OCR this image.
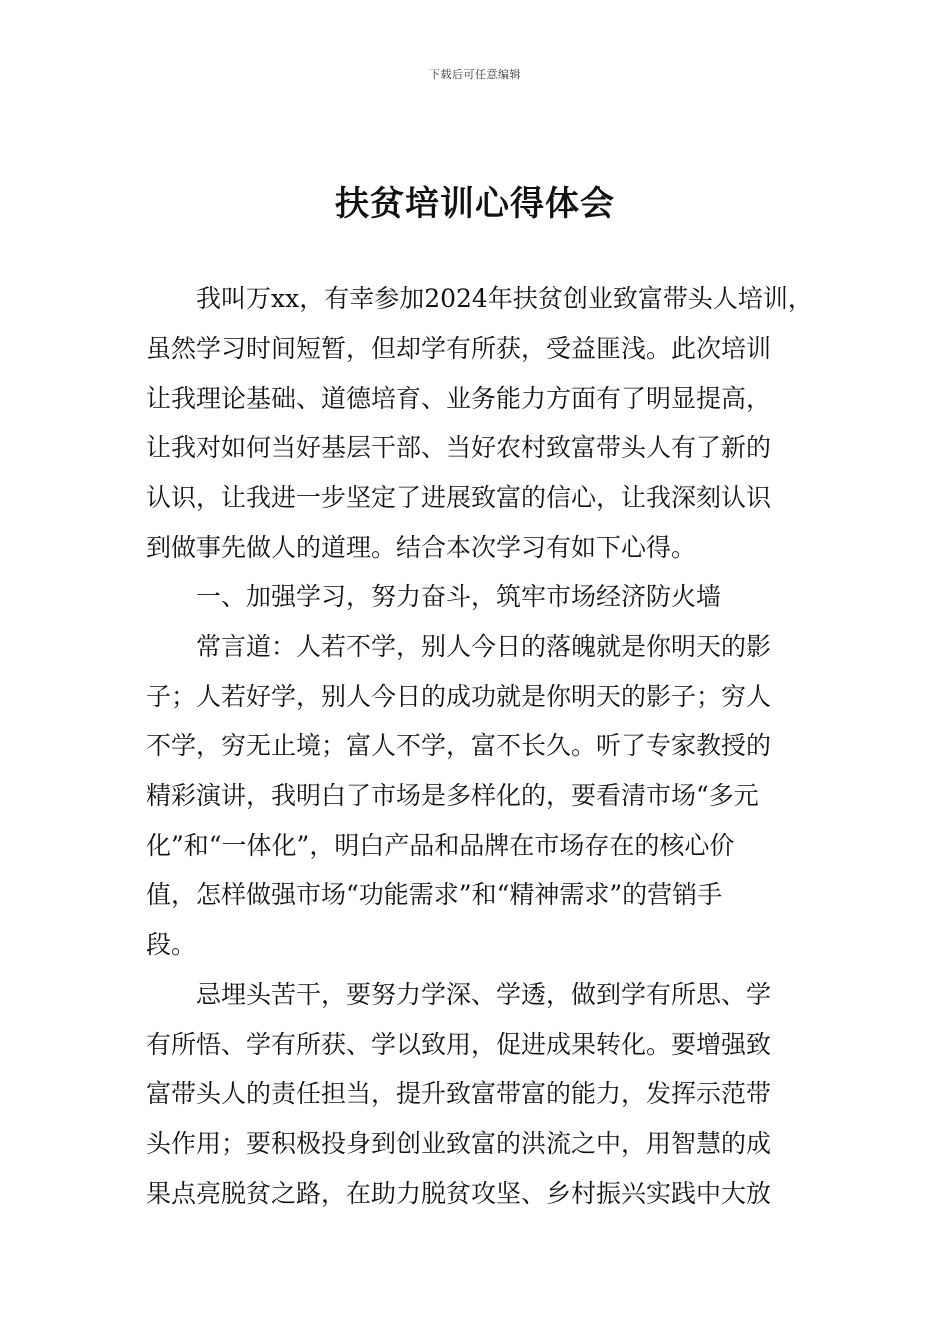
下载后可任意编辑
扶贫培训心得体会
我叫万xx，有幸参加2024年扶贫创业致富带头人培训，
虽然学习时间短暂，但却学有所获，受益匪浅。此次培训
让我理论基础、道德培育、业务能力方面有了明显提高，
让我对如何当好基层干部、当好农村致富带头人有了新的
认识，让我进一步坚定了进展致富的信心，让我深刻认识
到做事先做人的道理。结合本次学习有如下心得。
一、加强学习，努力奋斗，筑牢市场经济防火墙
常言道：人若不学，别人今日的落魄就是你明天的影
子；人若好学，别人今日的成功就是你明天的影子；穷人
不学，穷无止境；富人不学，富不长久。听了专家教授的
精彩演讲，我明白了市场是多样化的，要看清市场“多元
化”和“一体化”，明白产品和品牌在市场存在的核心价
值，怎样做强市场“功能需求”和“精神需求”的营销手
段。
忌埋头苦干，要努力学深、学透，做到学有所思、学
有所悟、学有所获、学以致用，促进成果转化。要增强致
富带头人的责任担当，提升致富带富的能力，发挥示范带
头作用；要积极投身到创业致富的洪流之中，用智慧的成
果点亮脱贫之路，在助力脱贫攻坚、乡村振兴实践中大放
